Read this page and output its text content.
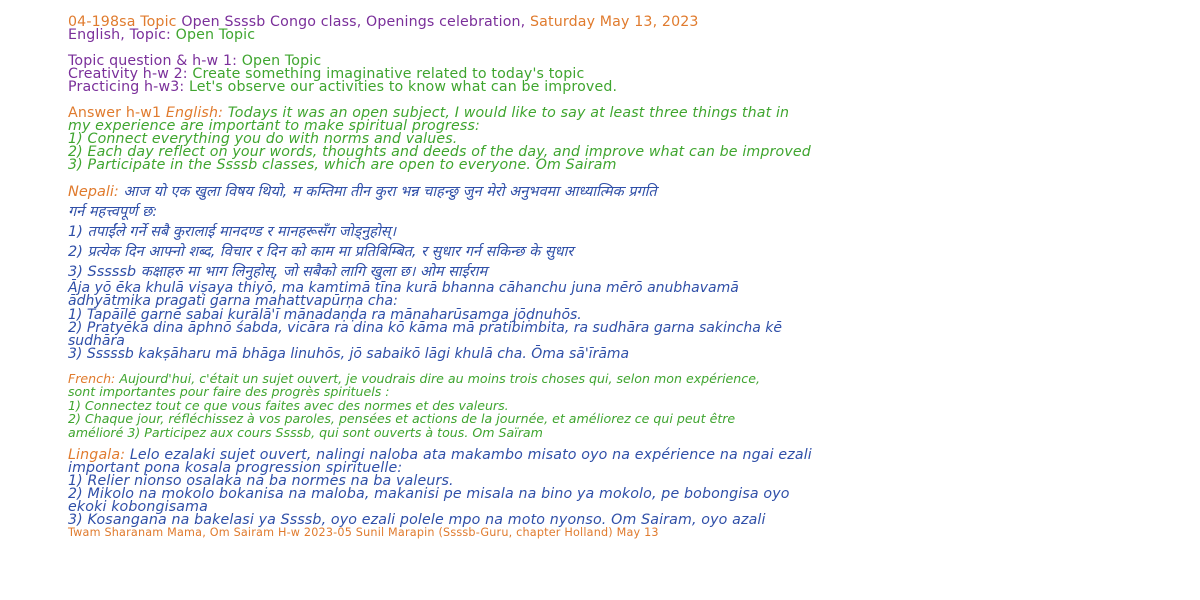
04-198sa Topic Open Ssssb Congo class, Openings celebration, Saturday May 13, 2023
English, Topic: Open Topic
Topic question & h-w 1: Open Topic
Creativity h-w 2: Create something imaginative related to today's topic
Practicing h-w3: Let's observe our activities to know what can be improved.
Answer h-w1 English: Todays it was an open subject, I would like to say at least three things that in
my experience are important to make spiritual progress:
1) Connect everything you do with norms and values.
2) Each day reflect on your words, thoughts and deeds of the day, and improve what can be improved
3) Participate in the Ssssb classes, which are open to everyone. Om Sairam
Nepali: आज यो एक खुला विषय थियो, म कम्तिमा तीन कुरा भन्न चाहन्छु जुन मेरो अनुभवमा आध्यात्मिक प्रगति
गर्न महत्त्वपूर्ण छ:
1) तपाईंले गर्ने सबै कुरालाई मानदण्ड र मानहरूसँग जोड्नुहोस्।
2) प्रत्येक दिन आफ्नो शब्द, विचार र दिन को काम मा प्रतिबिम्बित, र सुधार गर्न सकिन्छ के सुधार
3) Sssssb कक्षाहरु मा भाग लिनुहोस्, जो सबैको लागि खुला छ। ओम साईराम
Āja yō ēka khulā viṣaya thiyō, ma kamtimā tīna kurā bhanna cāhanchu juna mērō anubhavamā
ādhyātmika pragati garna mahattvapūrṇa cha:
1) Tapāīlē garnē sabai kurālā'ī mānadaṇḍa ra mānaharūsamga jōḍnuhōs.
2) Pratyēka dina āphnō śabda, vicāra ra dina kō kāma mā pratibimbita, ra sudhāra garna sakincha kē
sudhāra
3) Sssssb kakṣāharu mā bhāga linuhōs, jō sabaikō lāgi khulā cha. Ōma sā'īrāma
French: Aujourd'hui, c'était un sujet ouvert, je voudrais dire au moins trois choses qui, selon mon expérience,
sont importantes pour faire des progrès spirituels :
1) Connectez tout ce que vous faites avec des normes et des valeurs.
2) Chaque jour, réfléchissez à vos paroles, pensées et actions de la journée, et améliorez ce qui peut être
amélioré 3) Participez aux cours Ssssb, qui sont ouverts à tous. Om Saïram
Lingala: Lelo ezalaki sujet ouvert, nalingi naloba ata makambo misato oyo na expérience na ngai ezali
important pona kosala progression spirituelle:
1) Relier nionso osalaka na ba normes na ba valeurs.
2) Mikolo na mokolo bokanisa na maloba, makanisi pe misala na bino ya mokolo, pe bobongisa oyo
ekoki kobongisama
3) Kosangana na bakelasi ya Ssssb, oyo ezali polele mpo na moto nyonso. Om Sairam, oyo azali
Twam Sharanam Mama, Om Sairam H-w 2023-05 Sunil Marapin (Ssssb-Guru, chapter Holland) May 13
